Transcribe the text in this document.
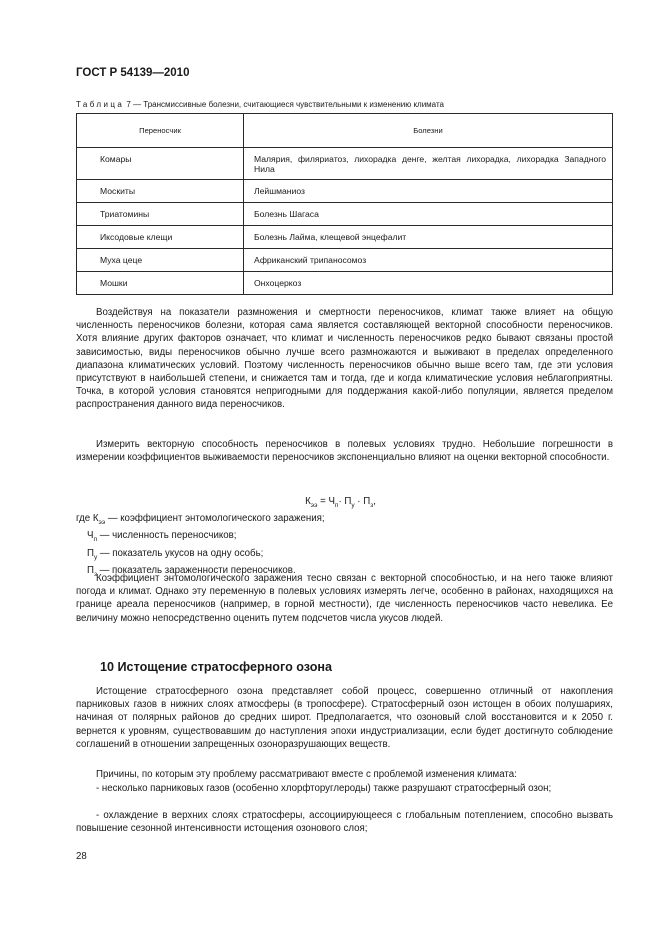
ГОСТ Р 54139—2010
Таблица 7 — Трансмиссивные болезни, считающиеся чувствительными к изменению климата
Переносчик	Болезни
Комары	Малярия, филяриатоз, лихорадка денге, желтая лихорадка, лихорадка Западного Нила
Москиты	Лейшманиоз
Триатомины	Болезнь Шагаса
Иксодовые клещи	Болезнь Лайма, клещевой энцефалит
Муха цеце	Африканский трипаносомоз
Мошки	Онхоцеркоз
Воздействуя на показатели размножения и смертности переносчиков, климат также влияет на общую численность переносчиков болезни, которая сама является составляющей векторной способности переносчиков. Хотя влияние других факторов означает, что климат и численность переносчиков редко бывают связаны простой зависимостью, виды переносчиков обычно лучше всего размножаются и выживают в пределах определенного диапазона климатических условий. Поэтому численность переносчиков обычно выше всего там, где эти условия присутствуют в наибольшей степени, и снижается там и тогда, где и когда климатические условия неблагоприятны. Точка, в которой условия становятся непригодными для поддержания какой-либо популяции, является пределом распространения данного вида переносчиков.
Измерить векторную способность переносчиков в полевых условиях трудно. Небольшие погрешности в измерении коэффициентов выживаемости переносчиков экспоненциально влияют на оценки векторной способности.
$К_{ээ} = Ч_п\cdot П_у \cdot П_з$,
где $К_{ээ}$ — коэффициент энтомологического заражения;
$Ч_п$ — численность переносчиков;
$П_у$ — показатель укусов на одну особь;
$П_з$ — показатель зараженности переносчиков.
Коэффициент энтомологического заражения тесно связан с векторной способностью, и на него также влияют погода и климат. Однако эту переменную в полевых условиях измерять легче, особенно в районах, находящихся на границе ареала переносчиков (например, в горной местности), где численность переносчиков часто невелика. Ее величину можно непосредственно оценить путем подсчетов числа укусов людей.
10 Истощение стратосферного озона
Истощение стратосферного озона представляет собой процесс, совершенно отличный от накопления парниковых газов в нижних слоях атмосферы (в тропосфере). Стратосферный озон истощен в обоих полушариях, начиная от полярных районов до средних широт. Предполагается, что озоновый слой восстановится и к 2050 г. вернется к уровням, существовавшим до наступления эпохи индустриализации, если будет достигнуто соблюдение соглашений в отношении запрещенных озоноразрушающих веществ.
Причины, по которым эту проблему рассматривают вместе с проблемой изменения климата:
- несколько парниковых газов (особенно хлорфторуглероды) также разрушают стратосферный озон;
- охлаждение в верхних слоях стратосферы, ассоциирующееся с глобальным потеплением, способно вызвать повышение сезонной интенсивности истощения озонового слоя;
28
